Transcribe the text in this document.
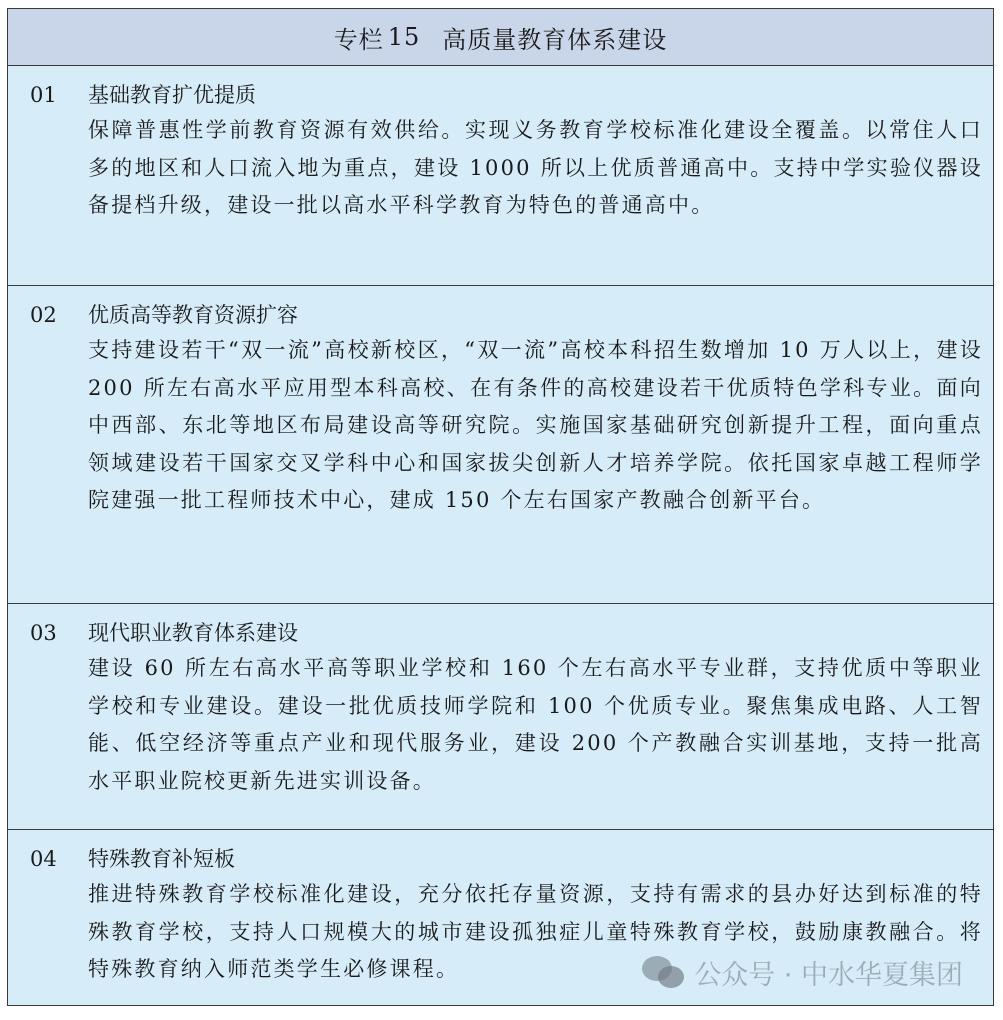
专栏 15 高质量教育体系建设
01	基础教育扩优提质
保障普惠性学前教育资源有效供给。实现义务教育学校标准化建设全覆盖。以常住人口多的地区和人口流入地为重点，建设 1000 所以上优质普通高中。支持中学实验仪器设备提档升级，建设一批以高水平科学教育为特色的普通高中。
02	优质高等教育资源扩容
支持建设若干“双一流”高校新校区，“双一流”高校本科招生数增加 10 万人以上，建设 200 所左右高水平应用型本科高校、在有条件的高校建设若干优质特色学科专业。面向中西部、东北等地区布局建设高等研究院。实施国家基础研究创新提升工程，面向重点领域建设若干国家交叉学科中心和国家拔尖创新人才培养学院。依托国家卓越工程师学院建强一批工程师技术中心，建成 150 个左右国家产教融合创新平台。
03	现代职业教育体系建设
建设 60 所左右高水平高等职业学校和 160 个左右高水平专业群，支持优质中等职业学校和专业建设。建设一批优质技师学院和 100 个优质专业。聚焦集成电路、人工智能、低空经济等重点产业和现代服务业，建设 200 个产教融合实训基地，支持一批高水平职业院校更新先进实训设备。
04	特殊教育补短板
推进特殊教育学校标准化建设，充分依托存量资源，支持有需求的县办好达到标准的特殊教育学校，支持人口规模大的城市建设孤独症儿童特殊教育学校，鼓励康教融合。将特殊教育纳入师范类学生必修课程。	公众号 · 中水华夏集团
